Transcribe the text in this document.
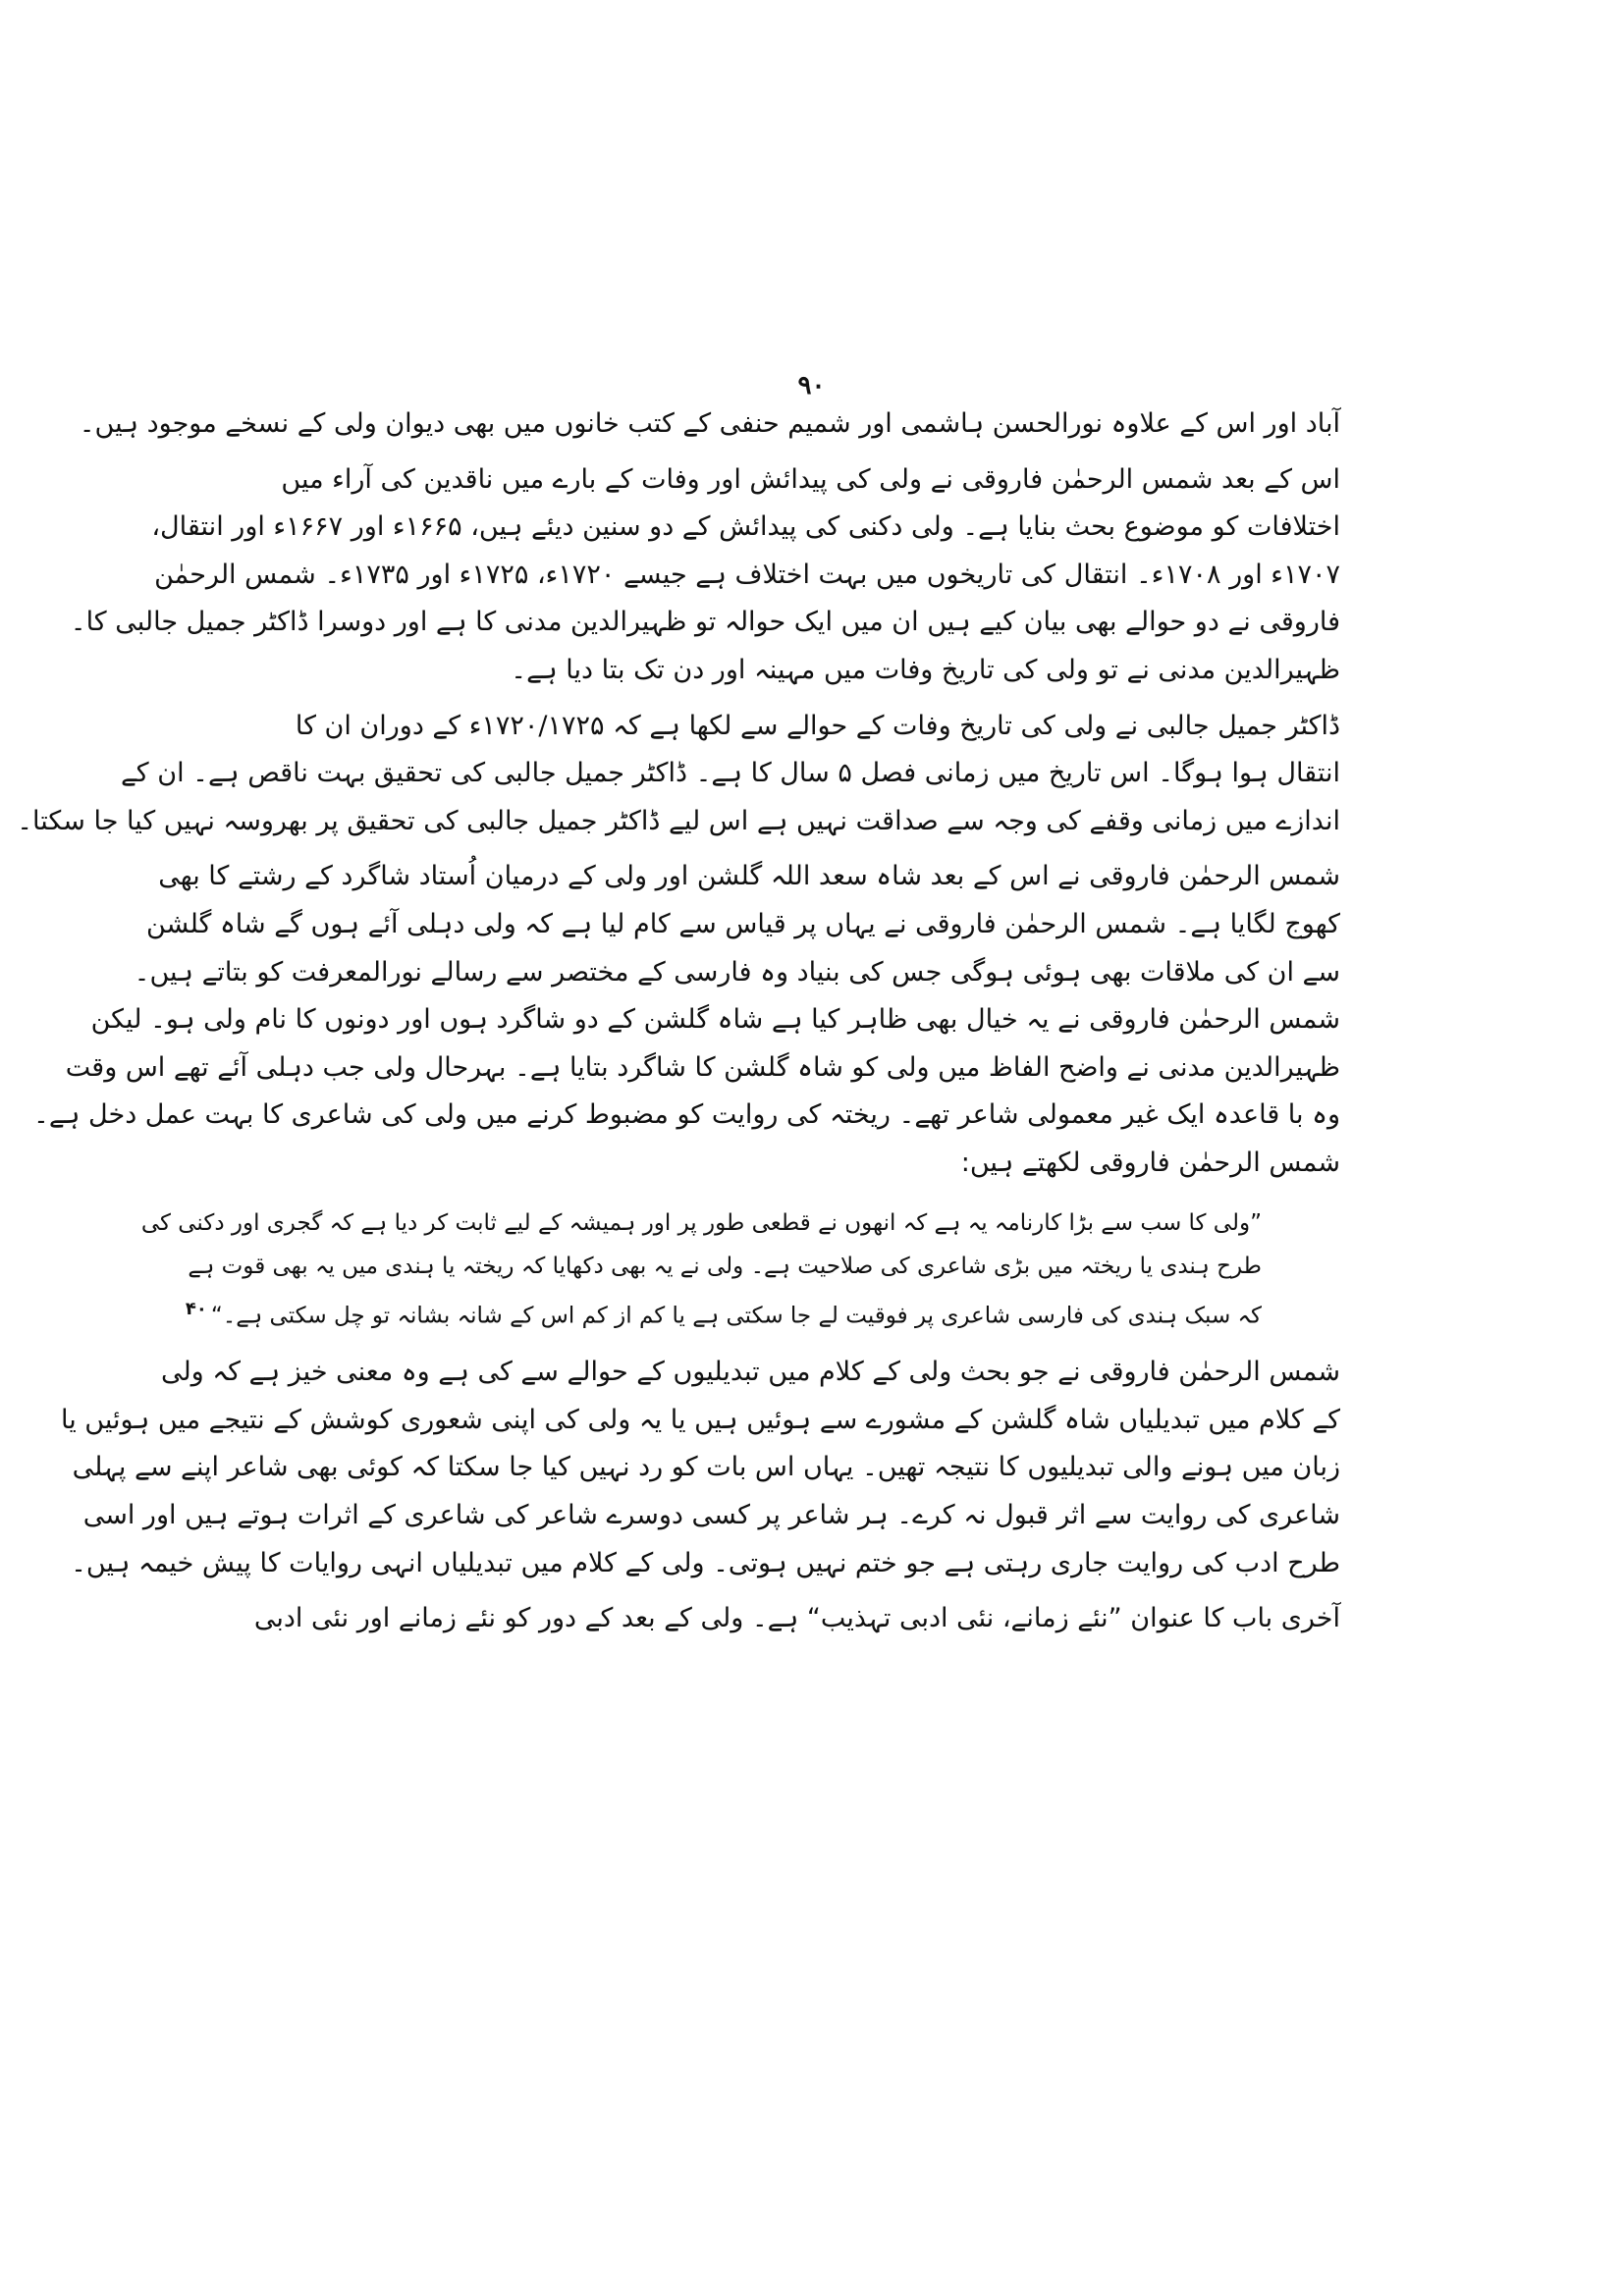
۹۰
آباد اور اس کے علاوہ نورالحسن ہاشمی اور شمیم حنفی کے کتب خانوں میں بھی دیوان ولی کے نسخے موجود ہیں۔
اس کے بعد شمس الرحمٰن فاروقی نے ولی کی پیدائش اور وفات کے بارے میں ناقدین کی آراء میں
اختلافات کو موضوع بحث بنایا ہے۔ ولی دکنی کی پیدائش کے دو سنین دیئے ہیں، ۱۶۶۵ء اور ۱۶۶۷ء اور انتقال،
۱۷۰۷ء اور ۱۷۰۸ء۔ انتقال کی تاریخوں میں بہت اختلاف ہے جیسے ۱۷۲۰ء، ۱۷۲۵ء اور ۱۷۳۵ء۔ شمس الرحمٰن
فاروقی نے دو حوالے بھی بیان کیے ہیں ان میں ایک حوالہ تو ظہیرالدین مدنی کا ہے اور دوسرا ڈاکٹر جمیل جالبی کا۔
ظہیرالدین مدنی نے تو ولی کی تاریخ وفات میں مہینہ اور دن تک بتا دیا ہے۔
ڈاکٹر جمیل جالبی نے ولی کی تاریخ وفات کے حوالے سے لکھا ہے کہ ۱۷۲۰/۱۷۲۵ء کے دوران ان کا
انتقال ہوا ہوگا۔ اس تاریخ میں زمانی فصل ۵ سال کا ہے۔ ڈاکٹر جمیل جالبی کی تحقیق بہت ناقص ہے۔ ان کے
اندازے میں زمانی وقفے کی وجہ سے صداقت نہیں ہے اس لیے ڈاکٹر جمیل جالبی کی تحقیق پر بھروسہ نہیں کیا جا سکتا۔
شمس الرحمٰن فاروقی نے اس کے بعد شاہ سعد اللہ گلشن اور ولی کے درمیان اُستاد شاگرد کے رشتے کا بھی
کھوج لگایا ہے۔ شمس الرحمٰن فاروقی نے یہاں پر قیاس سے کام لیا ہے کہ ولی دہلی آئے ہوں گے شاہ گلشن
سے ان کی ملاقات بھی ہوئی ہوگی جس کی بنیاد وہ فارسی کے مختصر سے رسالے نورالمعرفت کو بتاتے ہیں۔
شمس الرحمٰن فاروقی نے یہ خیال بھی ظاہر کیا ہے شاہ گلشن کے دو شاگرد ہوں اور دونوں کا نام ولی ہو۔ لیکن
ظہیرالدین مدنی نے واضح الفاظ میں ولی کو شاہ گلشن کا شاگرد بتایا ہے۔ بہرحال ولی جب دہلی آئے تھے اس وقت
وہ با قاعدہ ایک غیر معمولی شاعر تھے۔ ریختہ کی روایت کو مضبوط کرنے میں ولی کی شاعری کا بہت عمل دخل ہے۔
شمس الرحمٰن فاروقی لکھتے ہیں:
”ولی کا سب سے بڑا کارنامہ یہ ہے کہ انھوں نے قطعی طور پر اور ہمیشہ کے لیے ثابت کر دیا ہے کہ گجری اور دکنی کی
طرح ہندی یا ریختہ میں بڑی شاعری کی صلاحیت ہے۔ ولی نے یہ بھی دکھایا کہ ریختہ یا ہندی میں یہ بھی قوت ہے
کہ سبک ہندی کی فارسی شاعری پر فوقیت لے جا سکتی ہے یا کم از کم اس کے شانہ بشانہ تو چل سکتی ہے۔“۴۰
شمس الرحمٰن فاروقی نے جو بحث ولی کے کلام میں تبدیلیوں کے حوالے سے کی ہے وہ معنی خیز ہے کہ ولی
کے کلام میں تبدیلیاں شاہ گلشن کے مشورے سے ہوئیں ہیں یا یہ ولی کی اپنی شعوری کوشش کے نتیجے میں ہوئیں یا
زبان میں ہونے والی تبدیلیوں کا نتیجہ تھیں۔ یہاں اس بات کو رد نہیں کیا جا سکتا کہ کوئی بھی شاعر اپنے سے پہلی
شاعری کی روایت سے اثر قبول نہ کرے۔ ہر شاعر پر کسی دوسرے شاعر کی شاعری کے اثرات ہوتے ہیں اور اسی
طرح ادب کی روایت جاری رہتی ہے جو ختم نہیں ہوتی۔ ولی کے کلام میں تبدیلیاں انہی روایات کا پیش خیمہ ہیں۔
آخری باب کا عنوان ”نئے زمانے، نئی ادبی تہذیب“ ہے۔ ولی کے بعد کے دور کو نئے زمانے اور نئی ادبی
